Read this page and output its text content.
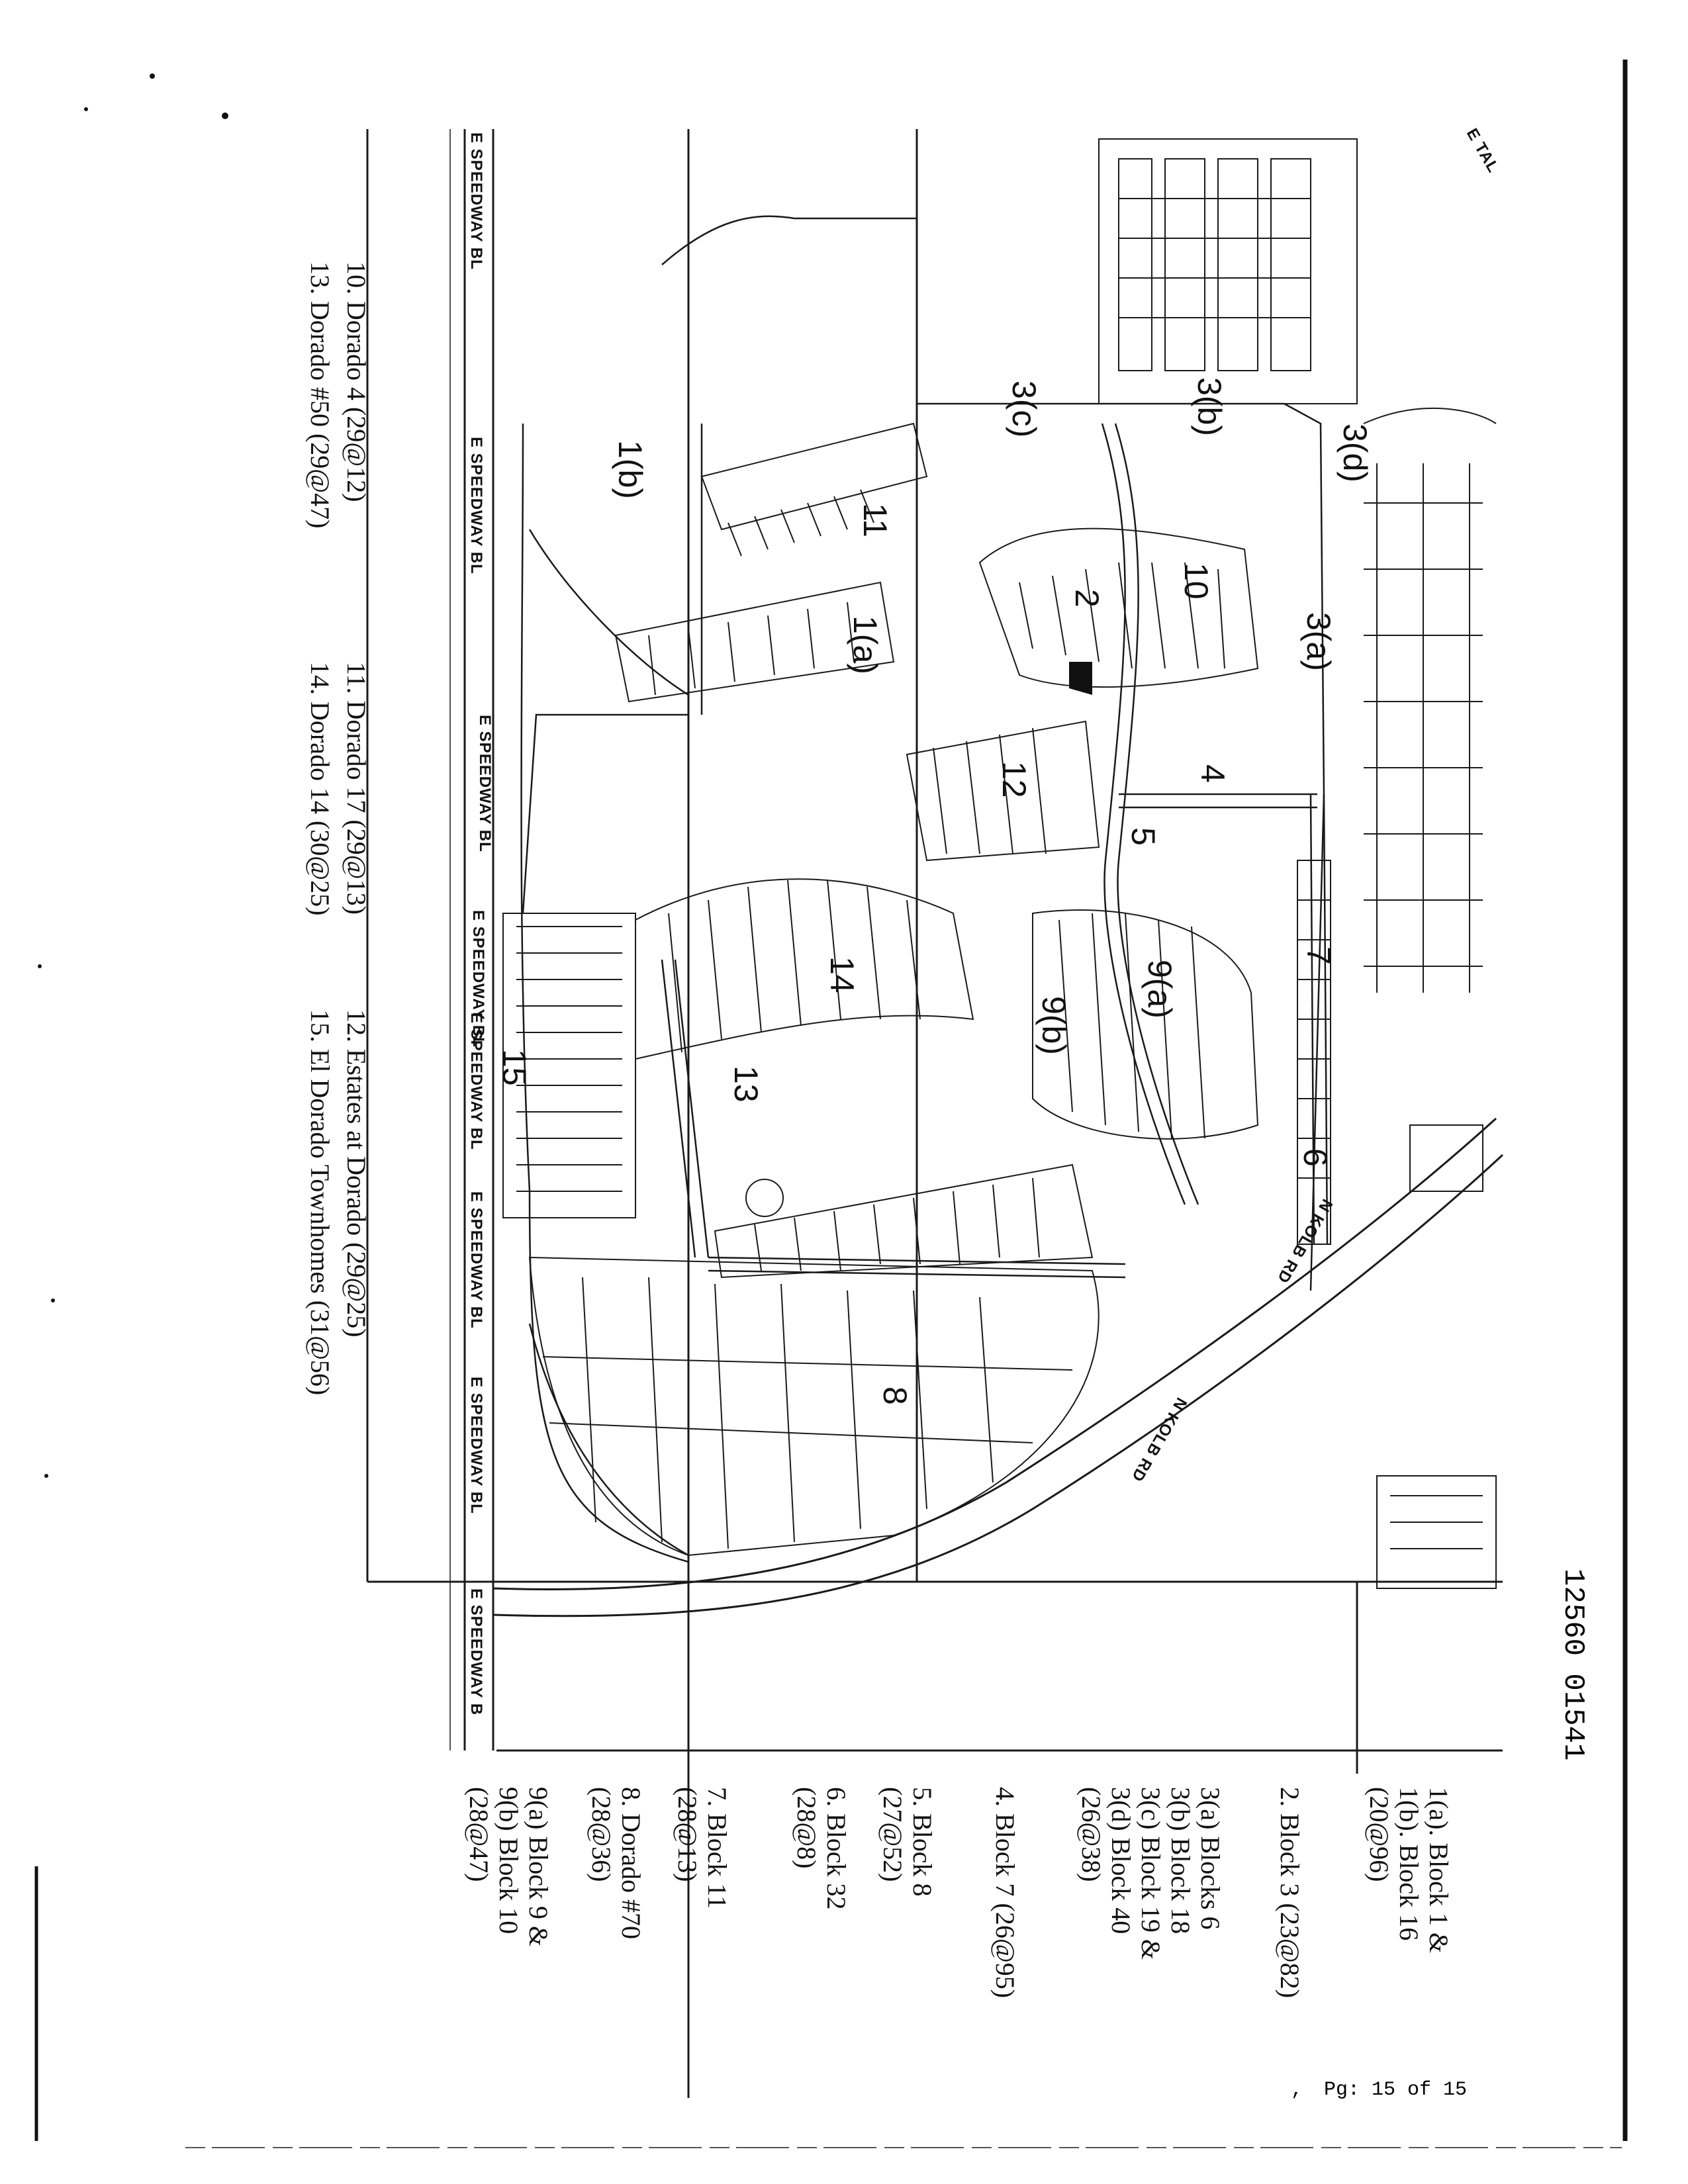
E SPEEDWAY BL
E SPEEDWAY BL
E SPEEDWAY BL
E SPEEDWAY BL
E SPEEDWAY BL
E SPEEDWAY BL
E SPEEDWAY BL
E SPEEDWAY B
N KOLB RD
N KOLB RD
E TAL
1(a)
1(b)
2
3(a)
3(b)
3(c)
3(d)
4
5
6
7
8
9(a)
9(b)
10
11
12
13
14
15
12560 01541
1(a). Block 1 &
1(b). Block 16
(20@96)
2. Block 3 (23@82)
3(a) Blocks 6
3(b) Block 18
3(c) Block 19 &
3(d) Block 40
(26@38)
4. Block 7 (26@95)
5. Block 8
(27@52)
6. Block 32
(28@8)
7. Block 11
(28@13)
8. Dorado #70
(28@36)
9(a) Block 9 &
9(b) Block 10
(28@47)
10. Dorado 4 (29@12)
13. Dorado #50 (29@47)
11. Dorado 17 (29@13)
14. Dorado 14 (30@25)
12. Estates at Dorado (29@25)
15. El Dorado Townhomes (31@56)
, Pg: 15 of 15
